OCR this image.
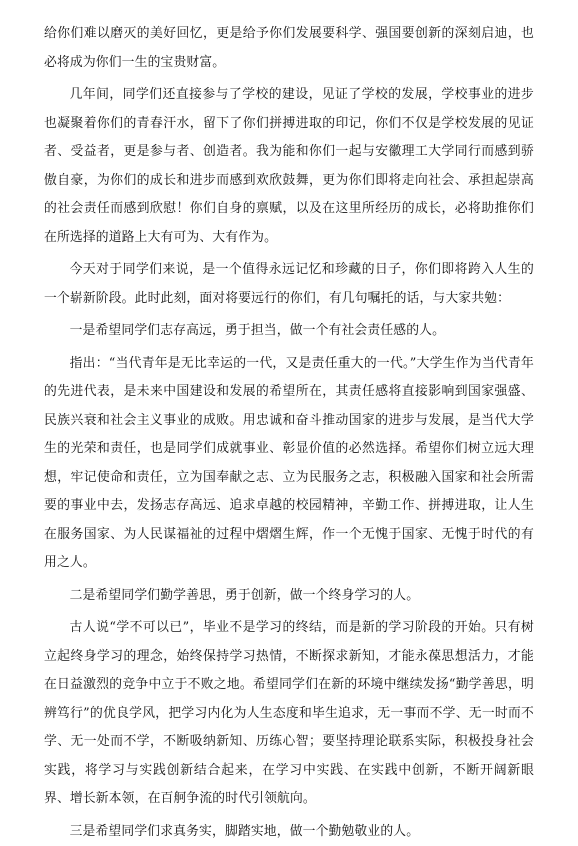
给你们难以磨灭的美好回忆，更是给予你们发展要科学、强国要创新的深刻启迪，也必将成为你们一生的宝贵财富。

几年间，同学们还直接参与了学校的建设，见证了学校的发展，学校事业的进步也凝聚着你们的青春汗水，留下了你们拼搏进取的印记，你们不仅是学校发展的见证者、受益者，更是参与者、创造者。我为能和你们一起与安徽理工大学同行而感到骄傲自豪，为你们的成长和进步而感到欢欣鼓舞，更为你们即将走向社会、承担起崇高的社会责任而感到欣慰！你们自身的禀赋，以及在这里所经历的成长，必将助推你们在所选择的道路上大有可为、大有作为。

今天对于同学们来说，是一个值得永远记忆和珍藏的日子，你们即将跨入人生的一个崭新阶段。此时此刻，面对将要远行的你们，有几句嘱托的话，与大家共勉：

一是希望同学们志存高远，勇于担当，做一个有社会责任感的人。

指出：“当代青年是无比幸运的一代，又是责任重大的一代。”大学生作为当代青年的先进代表，是未来中国建设和发展的希望所在，其责任感将直接影响到国家强盛、民族兴衰和社会主义事业的成败。用忠诚和奋斗推动国家的进步与发展，是当代大学生的光荣和责任，也是同学们成就事业、彰显价值的必然选择。希望你们树立远大理想，牢记使命和责任，立为国奉献之志、立为民服务之志，积极融入国家和社会所需要的事业中去，发扬志存高远、追求卓越的校园精神，辛勤工作、拼搏进取，让人生在服务国家、为人民谋福祉的过程中熠熠生辉，作一个无愧于国家、无愧于时代的有用之人。

二是希望同学们勤学善思，勇于创新，做一个终身学习的人。

古人说“学不可以已”，毕业不是学习的终结，而是新的学习阶段的开始。只有树立起终身学习的理念，始终保持学习热情，不断探求新知，才能永葆思想活力，才能在日益激烈的竞争中立于不败之地。希望同学们在新的环境中继续发扬“勤学善思，明辨笃行”的优良学风，把学习内化为人生态度和毕生追求，无一事而不学、无一时而不学、无一处而不学，不断吸纳新知、历练心智；要坚持理论联系实际，积极投身社会实践，将学习与实践创新结合起来，在学习中实践、在实践中创新，不断开阔新眼界、增长新本领，在百舸争流的时代引领航向。

三是希望同学们求真务实，脚踏实地，做一个勤勉敬业的人。
